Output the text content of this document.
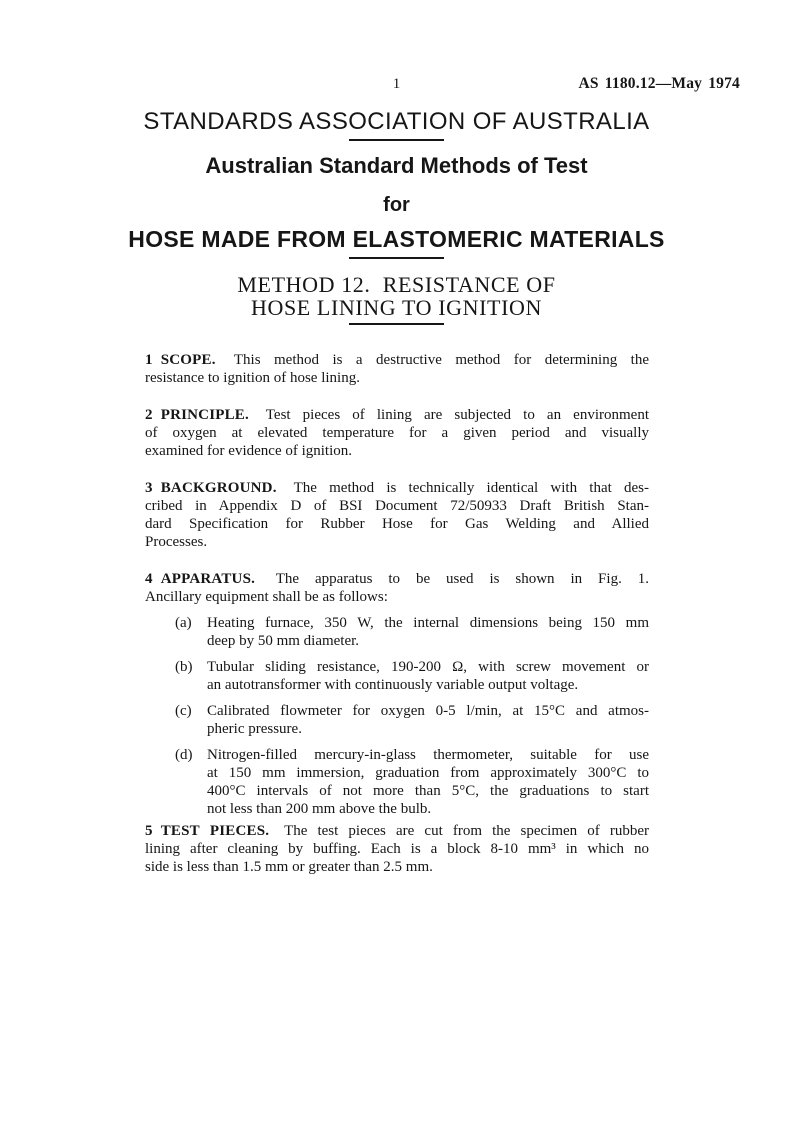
1	AS 1180.12—May 1974
STANDARDS ASSOCIATION OF AUSTRALIA
Australian Standard Methods of Test
for
HOSE MADE FROM ELASTOMERIC MATERIALS
METHOD 12.  RESISTANCE OF
HOSE LINING TO IGNITION
1 SCOPE. This method is a destructive method for determining the
resistance to ignition of hose lining.
2 PRINCIPLE. Test pieces of lining are subjected to an environment
of oxygen at elevated temperature for a given period and visually
examined for evidence of ignition.
3 BACKGROUND. The method is technically identical with that des-
cribed in Appendix D of BSI Document 72/50933 Draft British Stan-
dard Specification for Rubber Hose for Gas Welding and Allied
Processes.
4 APPARATUS. The apparatus to be used is shown in Fig. 1.
Ancillary equipment shall be as follows:
(a)	Heating furnace, 350 W, the internal dimensions being 150 mm
deep by 50 mm diameter.
(b) Tubular sliding resistance, 190-200 Ω, with screw movement or
an autotransformer with continuously variable output voltage.
(c)	Calibrated flowmeter for oxygen 0-5 l/min, at 15°C and atmos-
pheric pressure.
(d) Nitrogen-filled mercury-in-glass thermometer, suitable for use
at 150 mm immersion, graduation from approximately 300°C to
400°C intervals of not more than 5°C, the graduations to start
not less than 200 mm above the bulb.
5 TEST PIECES. The test pieces are cut from the specimen of rubber
lining after cleaning by buffing. Each is a block 8-10 mm³ in which no
side is less than 1.5 mm or greater than 2.5 mm.
